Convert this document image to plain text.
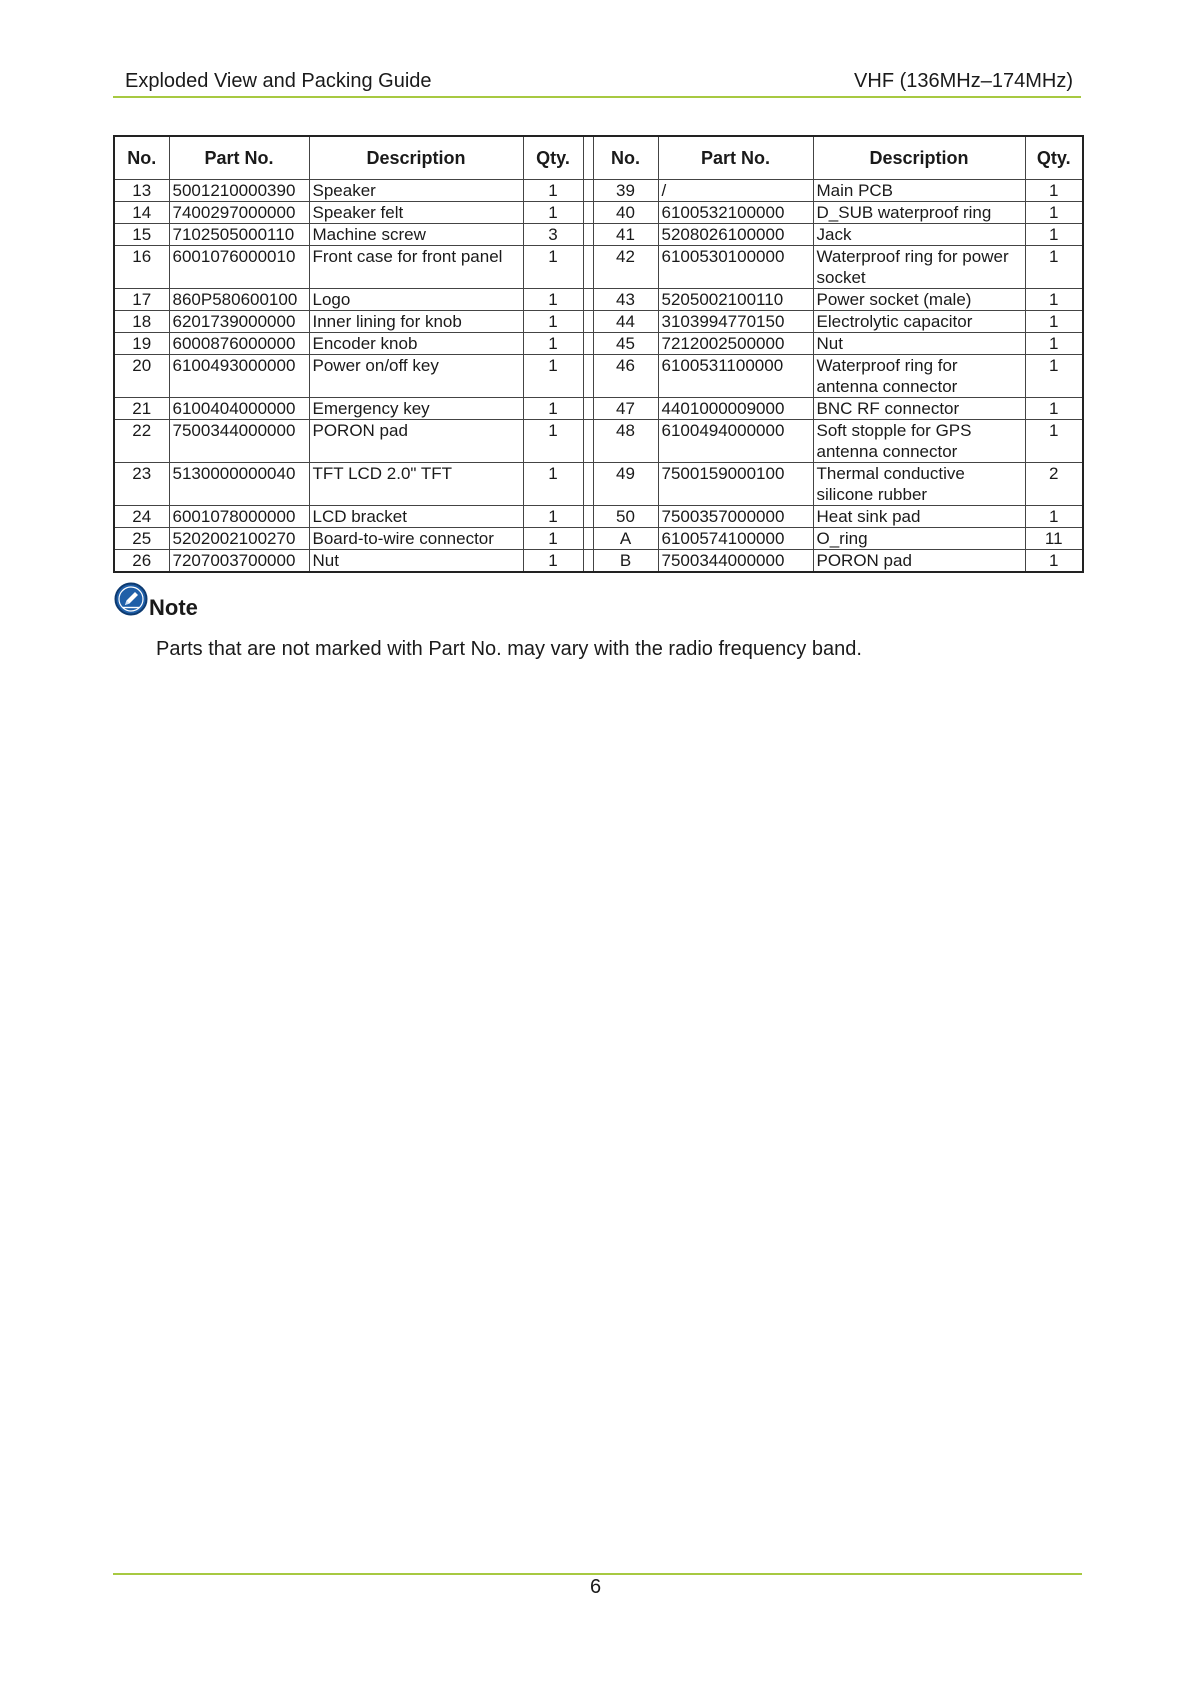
Exploded View and Packing Guide	VHF (136MHz–174MHz)
No.	Part No.	Description	Qty.		No.	Part No.	Description	Qty.
13	5001210000390	Speaker	1		39	/	Main PCB	1
14	7400297000000	Speaker felt	1		40	6100532100000	D_SUB waterproof ring	1
15	7102505000110	Machine screw	3		41	5208026100000	Jack	1
16	6001076000010	Front case for front panel	1		42	6100530100000	Waterproof ring for power socket	1
17	860P580600100	Logo	1		43	5205002100110	Power socket (male)	1
18	6201739000000	Inner lining for knob	1		44	3103994770150	Electrolytic capacitor	1
19	6000876000000	Encoder knob	1		45	7212002500000	Nut	1
20	6100493000000	Power on/off key	1		46	6100531100000	Waterproof ring for antenna connector	1
21	6100404000000	Emergency key	1		47	4401000009000	BNC RF connector	1
22	7500344000000	PORON pad	1		48	6100494000000	Soft stopple for GPS antenna connector	1
23	5130000000040	TFT LCD 2.0" TFT	1		49	7500159000100	Thermal conductive silicone rubber	2
24	6001078000000	LCD bracket	1		50	7500357000000	Heat sink pad	1
25	5202002100270	Board-to-wire connector	1		A	6100574100000	O_ring	11
26	7207003700000	Nut	1		B	7500344000000	PORON pad	1
Note
Parts that are not marked with Part No. may vary with the radio frequency band.
6
